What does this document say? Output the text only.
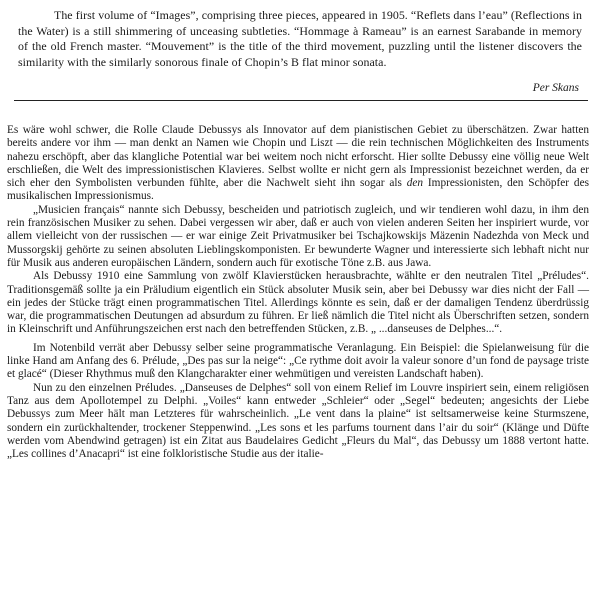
The first volume of “Images”, comprising three pieces, appeared in 1905. “Reflets dans l’eau” (Reflections in the Water) is a still shimmering of unceasing subtleties. “Hommage à Rameau” is an earnest Sarabande in memory of the old French master. “Mouvement” is the title of the third movement, puzzling until the listener discovers the similarity with the similarly sonorous finale of Chopin’s B flat minor sonata.

Per Skans

Es wäre wohl schwer, die Rolle Claude Debussys als Innovator auf dem pianistischen Gebiet zu überschätzen. Zwar hatten bereits andere vor ihm — man denkt an Namen wie Chopin und Liszt — die rein technischen Möglichkeiten des Instruments nahezu erschöpft, aber das klangliche Potential war bei weitem noch nicht erforscht. Hier sollte Debussy eine völlig neue Welt erschließen, die Welt des impressionistischen Klavieres. Selbst wollte er nicht gern als Impressionist bezeichnet werden, da er sich eher den Symbolisten verbunden fühlte, aber die Nachwelt sieht ihn sogar als den Impressionisten, den Schöpfer des musikalischen Impressionismus.

„Musicien français“ nannte sich Debussy, bescheiden und patriotisch zugleich, und wir tendieren wohl dazu, in ihm den rein französischen Musiker zu sehen. Dabei vergessen wir aber, daß er auch von vielen anderen Seiten her inspiriert wurde, vor allem vielleicht von der russischen — er war einige Zeit Privatmusiker bei Tschajkowskijs Mäzenin Nadezhda von Meck und Mussorgskij gehörte zu seinen absoluten Lieblingskomponisten. Er bewunderte Wagner und interessierte sich lebhaft nicht nur für Musik aus anderen europäischen Ländern, sondern auch für exotische Töne z.B. aus Jawa.

Als Debussy 1910 eine Sammlung von zwölf Klavierstücken herausbrachte, wählte er den neutralen Titel „Préludes“. Traditionsgemäß sollte ja ein Präludium eigentlich ein Stück absoluter Musik sein, aber bei Debussy war dies nicht der Fall — ein jedes der Stücke trägt einen programmatischen Titel. Allerdings könnte es sein, daß er der damaligen Tendenz überdrüssig war, die programmatischen Deutungen ad absurdum zu führen. Er ließ nämlich die Titel nicht als Überschriften setzen, sondern in Kleinschrift und Anführungszeichen erst nach den betreffenden Stücken, z.B. „ ...danseuses de Delphes...“.

Im Notenbild verrät aber Debussy selber seine programmatische Veranlagung. Ein Beispiel: die Spielanweisung für die linke Hand am Anfang des 6. Prélude, „Des pas sur la neige“: „Ce rythme doit avoir la valeur sonore d’un fond de paysage triste et glacé“ (Dieser Rhythmus muß den Klangcharakter einer wehmütigen und vereisten Landschaft haben).

Nun zu den einzelnen Préludes. „Danseuses de Delphes“ soll von einem Relief im Louvre inspiriert sein, einem religiösen Tanz aus dem Apollotempel zu Delphi. „Voiles“ kann entweder „Schleier“ oder „Segel“ bedeuten; angesichts der Liebe Debussys zum Meer hält man Letzteres für wahrscheinlich. „Le vent dans la plaine“ ist seltsamerweise keine Sturmszene, sondern ein zurückhaltender, trockener Steppenwind. „Les sons et les parfums tournent dans l’air du soir“ (Klänge und Düfte werden vom Abendwind getragen) ist ein Zitat aus Baudelaires Gedicht „Fleurs du Mal“, das Debussy um 1888 vertont hatte. „Les collines d’Anacapri“ ist eine folkloristische Studie aus der italie-
